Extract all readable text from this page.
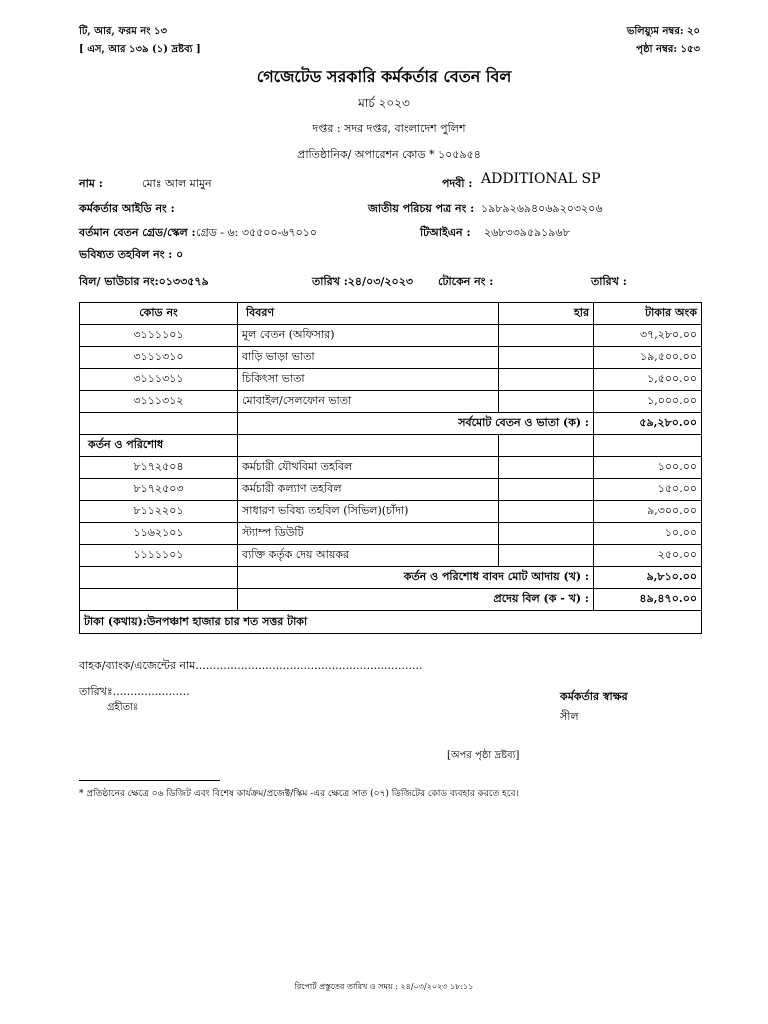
টি, আর, ফরম নং ১৩
[ এস, আর ১৩৯ (১) দ্রষ্টব্য ]
ভলিয়্যুম নম্বর: ২০
পৃষ্ঠা নম্বর: ১৫৩
গেজেটেড সরকারি কর্মকর্তার বেতন বিল
মার্চ ২০২৩
দপ্তর : সদর দপ্তর, বাংলাদেশ পুলিশ
প্রাতিষ্ঠানিক/ অপারেশন কোড * ১০৫৯৫৪
নাম :	মোঃ আল মামুন	পদবী : ADDITIONAL SP
কর্মকর্তার আইডি নং :	জাতীয় পরিচয় পত্র নং : ১৯৮৯২৬৯৪০৬৯২০৩২০৬
বর্তমান বেতন গ্রেড/স্কেল : গ্রেড - ৬: ৩৫৫০০-৬৭০১০	টিআইএন : ২৬৮৩৩৯৫৯১৯৬৮
ভবিষ্যত তহবিল নং : ০
বিল/ ভাউচার নং:০১৩৩৫৭৯	তারিখ :২৪/০৩/২০২৩ টোকেন নং :	তারিখ :
কোড নং	বিবরণ	হার	টাকার অংক
৩১১১১০১	মূল বেতন (অফিসার)		৩৭,২৮০.০০
৩১১১৩১০	বাড়ি ভাড়া ভাতা		১৯,৫০০.০০
৩১১১৩১১	চিকিৎসা ভাতা		১,৫০০.০০
৩১১১৩১২	মোবাইল/সেলফোন ভাতা		১,০০০.০০
	সর্বমোট বেতন ও ভাতা (ক) :		৫৯,২৮০.০০
কর্তন ও পরিশোধ			
৮১৭২৫০৪	কর্মচারী যৌথবিমা তহবিল		১০০.০০
৮১৭২৫০৩	কর্মচারী কল্যাণ তহবিল		১৫০.০০
৮১১২২০১	সাধারণ ভবিষ্য তহবিল (সিভিল)(চাঁদা)		৯,৩০০.০০
১১৬২১০১	স্ট্যাম্প ডিউটি		১০.০০
১১১১১০১	ব্যক্তি কর্তৃক দেয় আয়কর		২৫০.০০
	কর্তন ও পরিশোধ বাবদ মোট আদায় (খ) :		৯,৮১০.০০
	প্রদেয় বিল (ক - খ) :		৪৯,৪৭০.০০
টাকা (কথায়):উনপঞ্চাশ হাজার চার শত সত্তর টাকা			
বাহক/ব্যাংক/এজেন্টের নাম.................................................................
তারিখঃ......................
গ্রহীতাঃ
কর্মকর্তার স্বাক্ষর
সীল
[অপর পৃষ্ঠা দ্রষ্টব্য]
* প্রতিষ্ঠানের ক্ষেত্রে ০৬ ডিজিট এবং বিশেষ কার্যক্রম/প্রজেক্ট/স্কিম -এর ক্ষেত্রে সাত (০৭) ডিজিটের কোড ব্যবহার করতে হবে।
রিপোর্ট প্রস্তুতের তারিখ ও সময় : ২৪/০৩/২০২৩ ১৮:১১
